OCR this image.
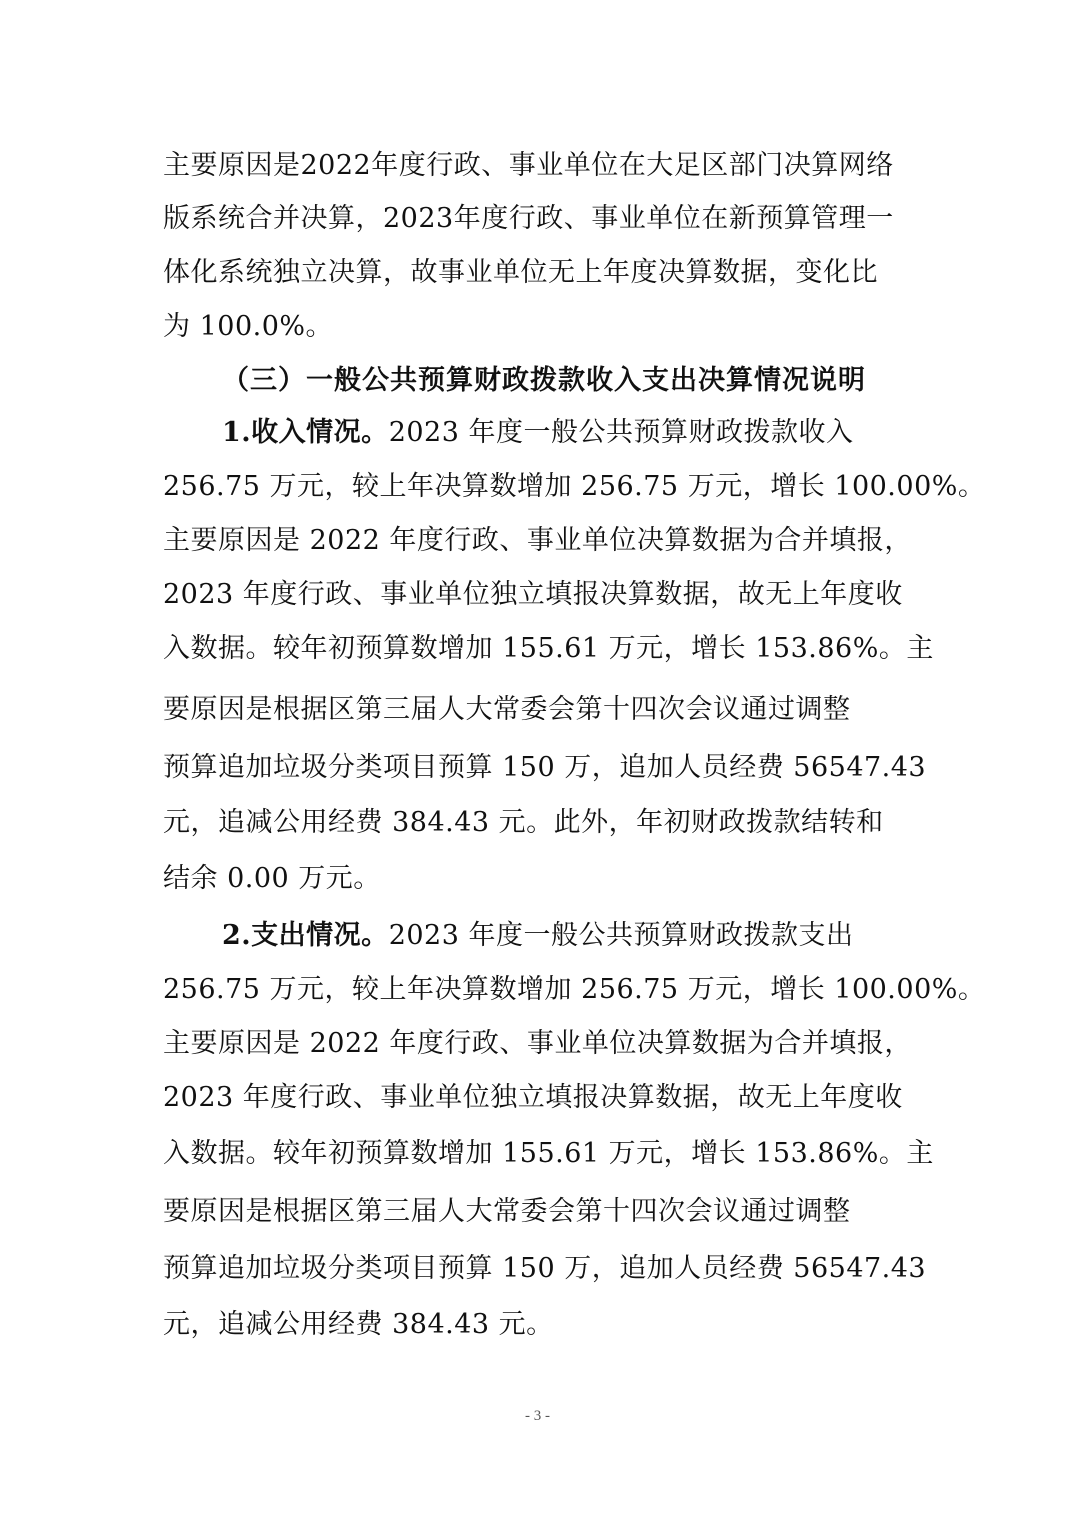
主要原因是2022年度行政、事业单位在大足区部门决算网络
版系统合并决算，2023年度行政、事业单位在新预算管理一
体化系统独立决算，故事业单位无上年度决算数据，变化比
为 100.0%。
（三）一般公共预算财政拨款收入支出决算情况说明
1.收入情况。2023 年度一般公共预算财政拨款收入
256.75 万元，较上年决算数增加 256.75 万元，增长 100.00%。
主要原因是 2022 年度行政、事业单位决算数据为合并填报，
2023 年度行政、事业单位独立填报决算数据，故无上年度收
入数据。较年初预算数增加 155.61 万元，增长 153.86%。主
要原因是根据区第三届人大常委会第十四次会议通过调整
预算追加垃圾分类项目预算 150 万，追加人员经费 56547.43
元，追减公用经费 384.43 元。此外，年初财政拨款结转和
结余 0.00 万元。
2.支出情况。2023 年度一般公共预算财政拨款支出
256.75 万元，较上年决算数增加 256.75 万元，增长 100.00%。
主要原因是 2022 年度行政、事业单位决算数据为合并填报，
2023 年度行政、事业单位独立填报决算数据，故无上年度收
入数据。较年初预算数增加 155.61 万元，增长 153.86%。主
要原因是根据区第三届人大常委会第十四次会议通过调整
预算追加垃圾分类项目预算 150 万，追加人员经费 56547.43
元，追减公用经费 384.43 元。
- 3 -
